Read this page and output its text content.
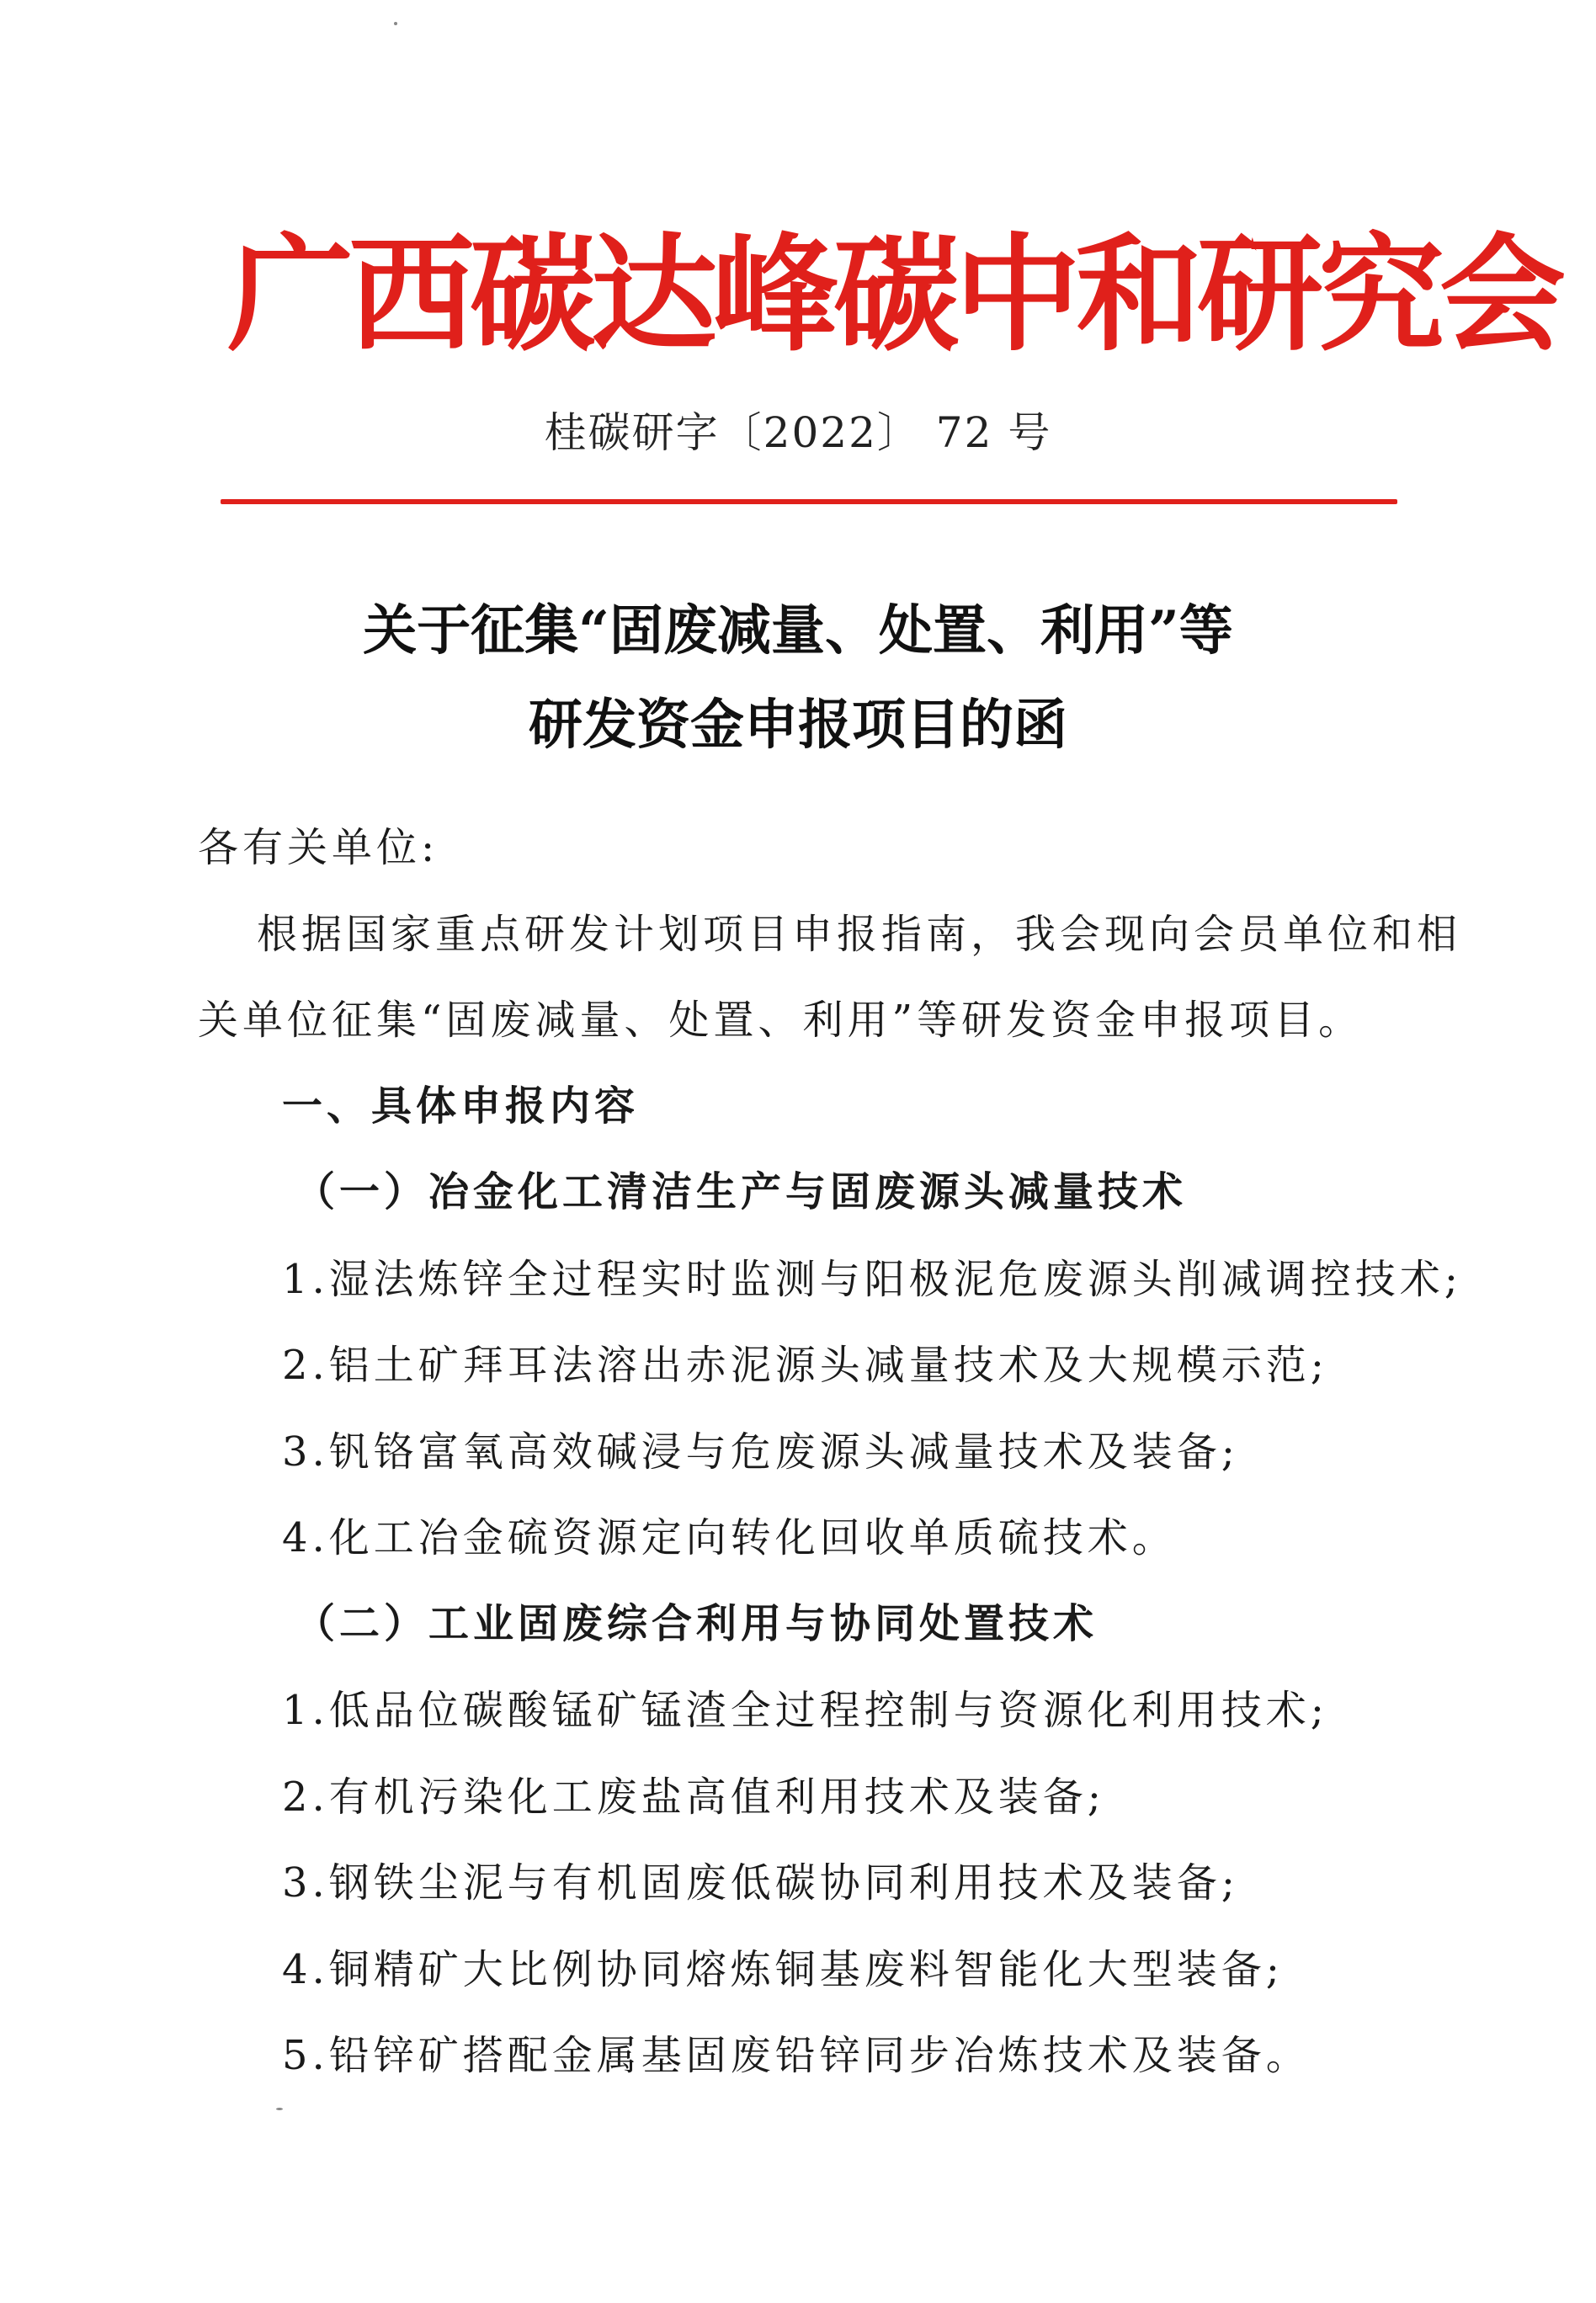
广西碳达峰碳中和研究会
桂碳研字〔2022〕 72 号
关于征集“固废减量、处置、利用”等
研发资金申报项目的函
各有关单位:
根据国家重点研发计划项目申报指南，我会现向会员单位和相
关单位征集“固废减量、处置、利用”等研发资金申报项目。
一、具体申报内容
（一）冶金化工清洁生产与固废源头减量技术
1.湿法炼锌全过程实时监测与阳极泥危废源头削减调控技术;
2.铝土矿拜耳法溶出赤泥源头减量技术及大规模示范;
3.钒铬富氧高效碱浸与危废源头减量技术及装备;
4.化工冶金硫资源定向转化回收单质硫技术。
（二）工业固废综合利用与协同处置技术
1.低品位碳酸锰矿锰渣全过程控制与资源化利用技术;
2.有机污染化工废盐高值利用技术及装备;
3.钢铁尘泥与有机固废低碳协同利用技术及装备;
4.铜精矿大比例协同熔炼铜基废料智能化大型装备;
5.铅锌矿搭配金属基固废铅锌同步冶炼技术及装备。
